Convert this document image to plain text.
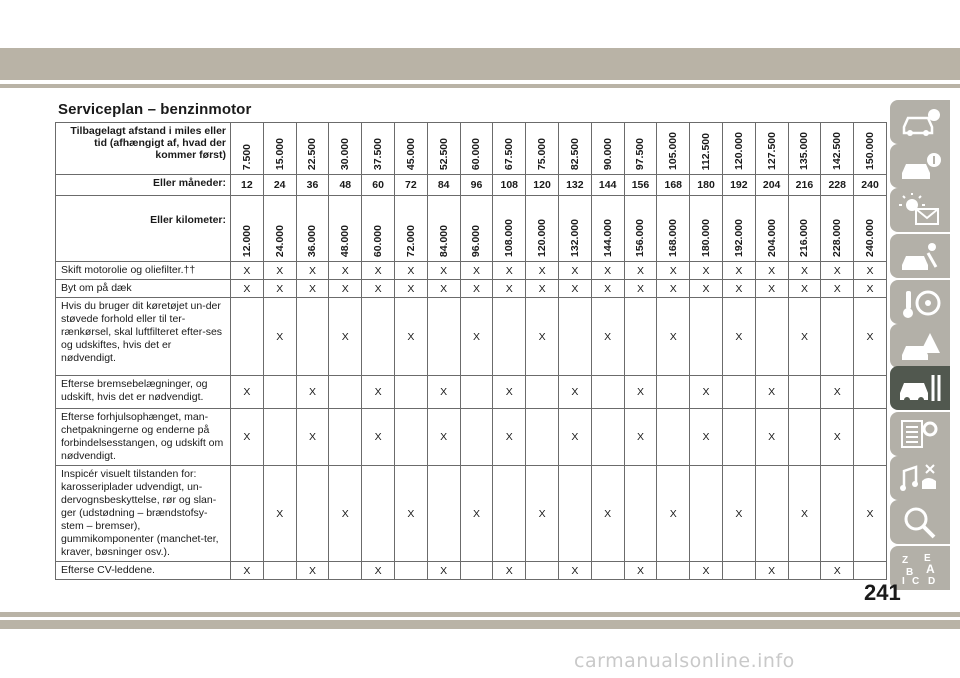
Serviceplan – benzinmotor
Tilbagelagt afstand i miles eller tid (afhængigt af, hvad der kommer først)	7.500	15.000	22.500	30.000	37.500	45.000	52.500	60.000	67.500	75.000	82.500	90.000	97.500	105.000	112.500	120.000	127.500	135.000	142.500	150.000

Eller måneder:	12	24	36	48	60	72	84	96	108	120	132	144	156	168	180	192	204	216	228	240
Eller kilometer:	12.000	24.000	36.000	48.000	60.000	72.000	84.000	96.000	108.000	120.000	132.000	144.000	156.000	168.000	180.000	192.000	204.000	216.000	228.000	240.000

Skift motorolie og oliefilter.††	X	X	X	X	X	X	X	X	X	X	X	X	X	X	X	X	X	X	X	X
Byt om på dæk	X	X	X	X	X	X	X	X	X	X	X	X	X	X	X	X	X	X	X	X
Hvis du bruger dit køretøjet un-der støvede forhold eller til ter-rænkørsel, skal luftfilteret efter-ses og udskiftes, hvis det er nødvendigt.		X		X		X		X		X		X		X		X		X		X
Efterse bremsebelægninger, og udskift, hvis det er nødvendigt.	X		X		X		X		X		X		X		X		X		X	
Efterse forhjulsophænget, man-chetpakningerne og enderne på forbindelsesstangen, og udskift om nødvendigt.	X		X		X		X		X		X		X		X		X		X	
Inspicér visuelt tilstanden for: karosseriplader udvendigt, un-dervognsbeskyttelse, rør og slan-ger (udstødning – brændstofsy-stem – bremser), gummikomponenter (manchet-ter, kraver, bøsninger osv.).		X		X		X		X		X		X		X		X		X		X
Efterse CV-leddene.	X		X		X		X		X		X		X		X		X		X	
Z E
B A
I C D
241
carmanualsonline.info
